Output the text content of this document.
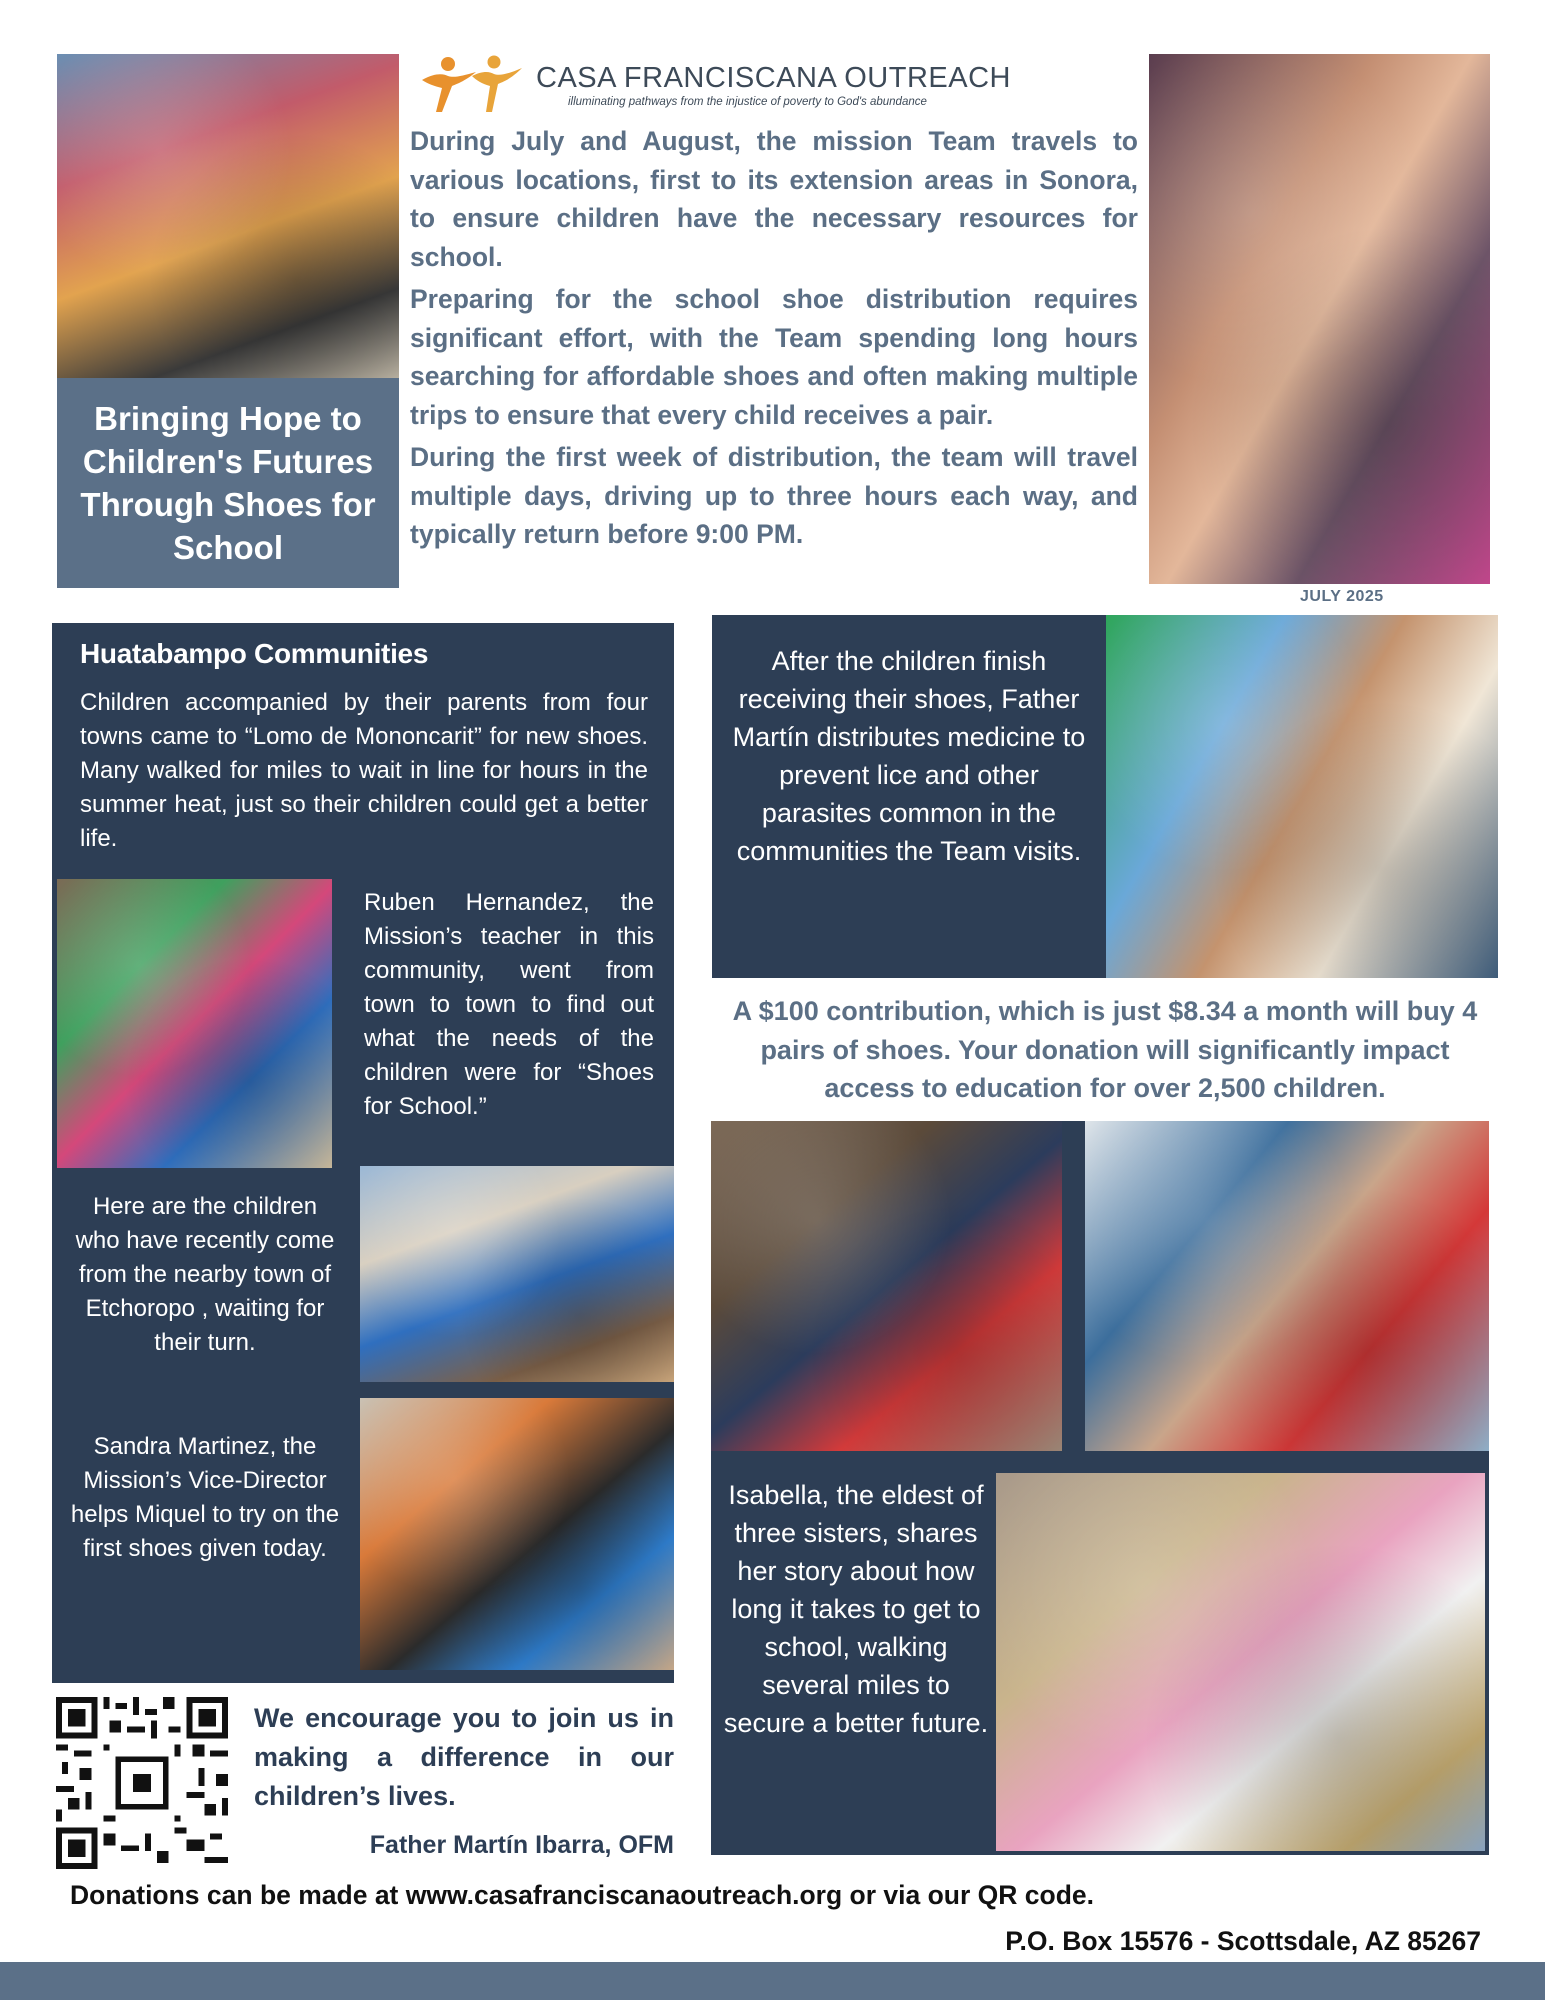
Bringing Hope to Children's Futures Through Shoes for School
CASA FRANCISCANA OUTREACH
illuminating pathways from the injustice of poverty to God's abundance

During July and August, the mission Team travels to various locations, first to its extension areas in Sonora, to ensure children have the necessary resources for school.

Preparing for the school shoe distribution requires significant effort, with the Team spending long hours searching for affordable shoes and often making multiple trips to ensure that every child receives a pair.

During the first week of distribution, the team will travel multiple days, driving up to three hours each way, and typically return before 9:00 PM.

JULY 2025
Huatabampo Communities
Children accompanied by their parents from four towns came to “Lomo de Mononcarit” for new shoes. Many walked for miles to wait in line for hours in the summer heat, just so their children could get a better life.
Ruben Hernandez, the Mission’s teacher in this community, went from town to town to find out what the needs of the children were for “Shoes for School.”
Here are the children who have recently come from the nearby town of Etchoropo , waiting for their turn.
Sandra Martinez, the Mission’s Vice-Director helps Miquel to try on the first shoes given today.
After the children finish receiving their shoes, Father Martín distributes medicine to prevent lice and other parasites common in the communities the Team visits.
A $100 contribution, which is just $8.34 a month will buy 4 pairs of shoes. Your donation will significantly impact access to education for over 2,500 children.
Isabella, the eldest of three sisters, shares her story about how long it takes to get to school, walking several miles to secure a better future.
We encourage you to join us in making a difference in our children’s lives.
Father Martín Ibarra, OFM
Donations can be made at www.casafranciscanaoutreach.org or via our QR code.
P.O. Box 15576 - Scottsdale, AZ 85267
